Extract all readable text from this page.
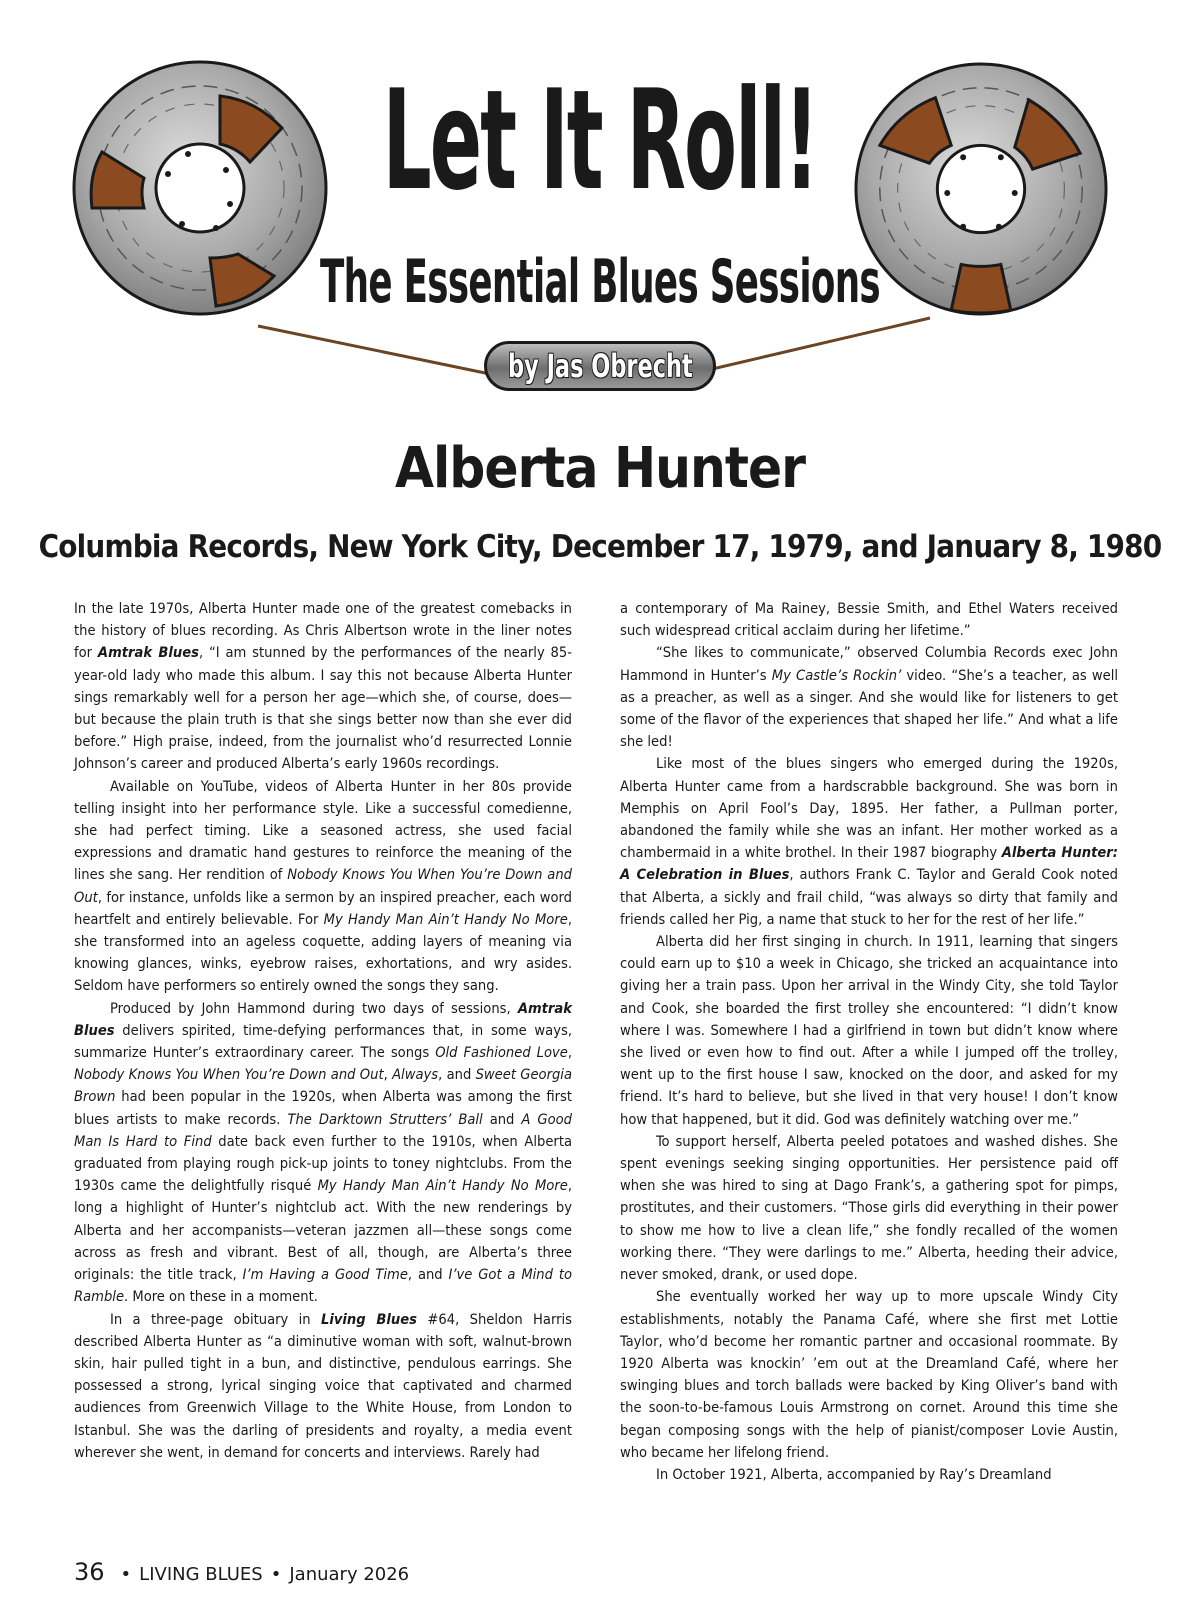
Let It Roll!
The Essential Blues Sessions
by Jas Obrecht
Alberta Hunter
Columbia Records, New York City, December 17, 1979, and January 8, 1980

In the late 1970s, Alberta Hunter made one of the greatest comebacks in the history of blues recording. As Chris Albertson wrote in the liner notes for Amtrak Blues, “I am stunned by the performances of the nearly 85-year-old lady who made this album. I say this not because Alberta Hunter sings remarkably well for a person her age—which she, of course, does—but because the plain truth is that she sings better now than she ever did before.” High praise, indeed, from the journalist who’d resurrected Lonnie Johnson’s career and produced Alberta’s early 1960s recordings.

Available on YouTube, videos of Alberta Hunter in her 80s provide telling insight into her performance style. Like a successful comedienne, she had perfect timing. Like a seasoned actress, she used facial expressions and dramatic hand gestures to reinforce the meaning of the lines she sang. Her rendition of Nobody Knows You When You’re Down and Out, for instance, unfolds like a sermon by an inspired preacher, each word heartfelt and entirely believable. For My Handy Man Ain’t Handy No More, she transformed into an ageless coquette, adding layers of meaning via knowing glances, winks, eyebrow raises, exhortations, and wry asides. Seldom have performers so entirely owned the songs they sang.

Produced by John Hammond during two days of sessions, Amtrak Blues delivers spirited, time-defying performances that, in some ways, summarize Hunter’s extraordinary career. The songs Old Fashioned Love, Nobody Knows You When You’re Down and Out, Always, and Sweet Georgia Brown had been popular in the 1920s, when Alberta was among the first blues artists to make records. The Darktown Strutters’ Ball and A Good Man Is Hard to Find date back even further to the 1910s, when Alberta graduated from playing rough pick-up joints to toney nightclubs. From the 1930s came the delightfully risqué My Handy Man Ain’t Handy No More, long a highlight of Hunter’s nightclub act. With the new renderings by Alberta and her accompanists—veteran jazzmen all—these songs come across as fresh and vibrant. Best of all, though, are Alberta’s three originals: the title track, I’m Having a Good Time, and I’ve Got a Mind to Ramble. More on these in a moment.

In a three-page obituary in Living Blues #64, Sheldon Harris described Alberta Hunter as “a diminutive woman with soft, walnut-brown skin, hair pulled tight in a bun, and distinctive, pendulous earrings. She possessed a strong, lyrical singing voice that captivated and charmed audiences from Greenwich Village to the White House, from London to Istanbul. She was the darling of presidents and royalty, a media event wherever she went, in demand for concerts and interviews. Rarely had

a contemporary of Ma Rainey, Bessie Smith, and Ethel Waters received such widespread critical acclaim during her lifetime.”

“She likes to communicate,” observed Columbia Records exec John Hammond in Hunter’s My Castle’s Rockin’ video. “She’s a teacher, as well as a preacher, as well as a singer. And she would like for listeners to get some of the flavor of the experiences that shaped her life.” And what a life she led!

Like most of the blues singers who emerged during the 1920s, Alberta Hunter came from a hardscrabble background. She was born in Memphis on April Fool’s Day, 1895. Her father, a Pullman porter, abandoned the family while she was an infant. Her mother worked as a chambermaid in a white brothel. In their 1987 biography Alberta Hunter: A Celebration in Blues, authors Frank C. Taylor and Gerald Cook noted that Alberta, a sickly and frail child, “was always so dirty that family and friends called her Pig, a name that stuck to her for the rest of her life.”

Alberta did her first singing in church. In 1911, learning that singers could earn up to $10 a week in Chicago, she tricked an acquaintance into giving her a train pass. Upon her arrival in the Windy City, she told Taylor and Cook, she boarded the first trolley she encountered: “I didn’t know where I was. Somewhere I had a girlfriend in town but didn’t know where she lived or even how to find out. After a while I jumped off the trolley, went up to the first house I saw, knocked on the door, and asked for my friend. It’s hard to believe, but she lived in that very house! I don’t know how that happened, but it did. God was definitely watching over me.”

To support herself, Alberta peeled potatoes and washed dishes. She spent evenings seeking singing opportunities. Her persistence paid off when she was hired to sing at Dago Frank’s, a gathering spot for pimps, prostitutes, and their customers. “Those girls did everything in their power to show me how to live a clean life,” she fondly recalled of the women working there. “They were darlings to me.” Alberta, heeding their advice, never smoked, drank, or used dope.

She eventually worked her way up to more upscale Windy City establishments, notably the Panama Café, where she first met Lottie Taylor, who’d become her romantic partner and occasional roommate. By 1920 Alberta was knockin’ ’em out at the Dreamland Café, where her swinging blues and torch ballads were backed by King Oliver’s band with the soon-to-be-famous Louis Armstrong on cornet. Around this time she began composing songs with the help of pianist/composer Lovie Austin, who became her lifelong friend.

In October 1921, Alberta, accompanied by Ray’s Dreamland

36 • LIVING BLUES • January 2026
